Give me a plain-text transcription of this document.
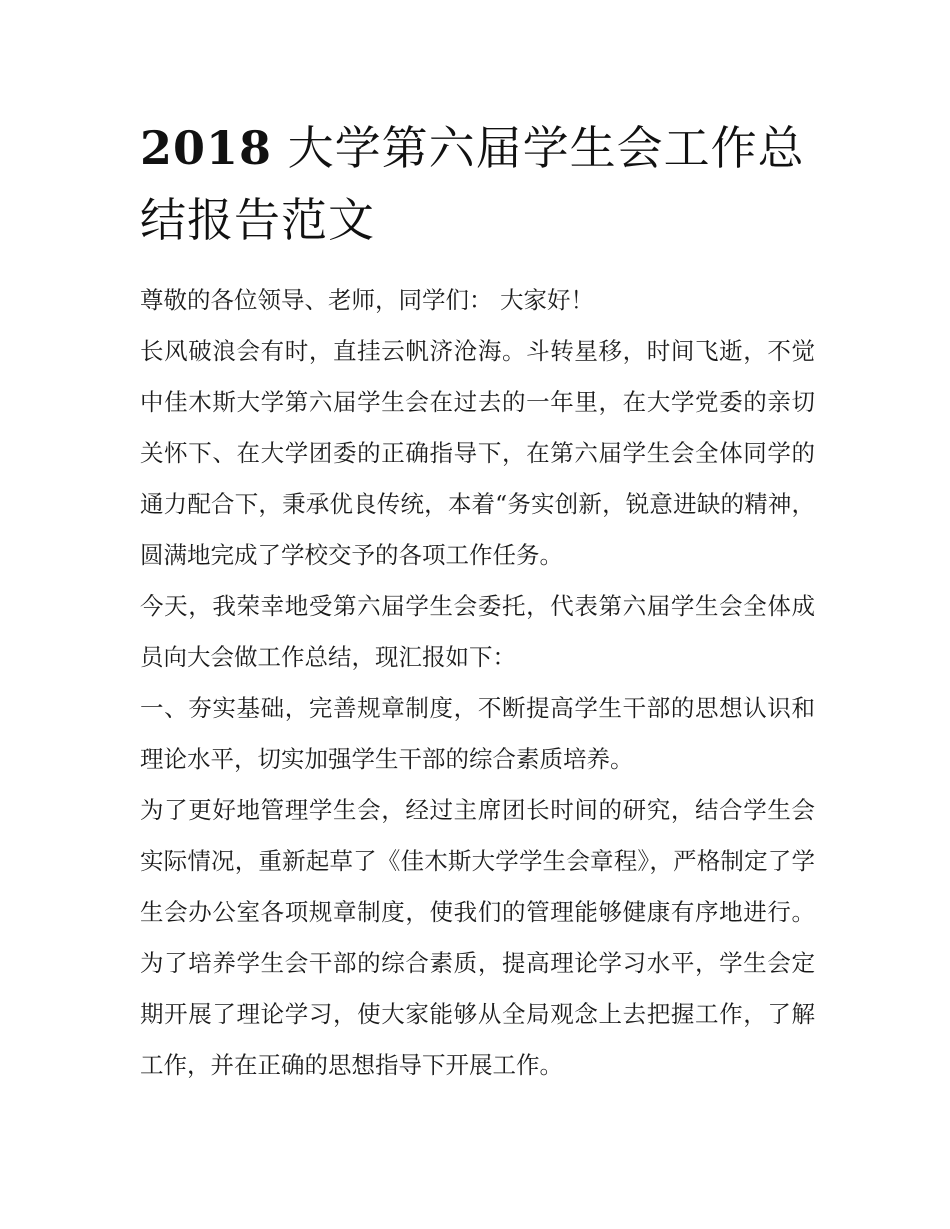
2018 大学第六届学生会工作总结报告范文

尊敬的各位领导、老师，同学们： 大家好！

长风破浪会有时，直挂云帆济沧海。斗转星移，时间飞逝，不觉中佳木斯大学第六届学生会在过去的一年里，在大学党委的亲切关怀下、在大学团委的正确指导下，在第六届学生会全体同学的通力配合下，秉承优良传统，本着“务实创新，锐意进缺的精神，圆满地完成了学校交予的各项工作任务。

今天，我荣幸地受第六届学生会委托，代表第六届学生会全体成员向大会做工作总结，现汇报如下：

一、夯实基础，完善规章制度，不断提高学生干部的思想认识和理论水平，切实加强学生干部的综合素质培养。

为了更好地管理学生会，经过主席团长时间的研究，结合学生会实际情况，重新起草了《佳木斯大学学生会章程》，严格制定了学生会办公室各项规章制度，使我们的管理能够健康有序地进行。为了培养学生会干部的综合素质，提高理论学习水平，学生会定期开展了理论学习，使大家能够从全局观念上去把握工作，了解工作，并在正确的思想指导下开展工作。
